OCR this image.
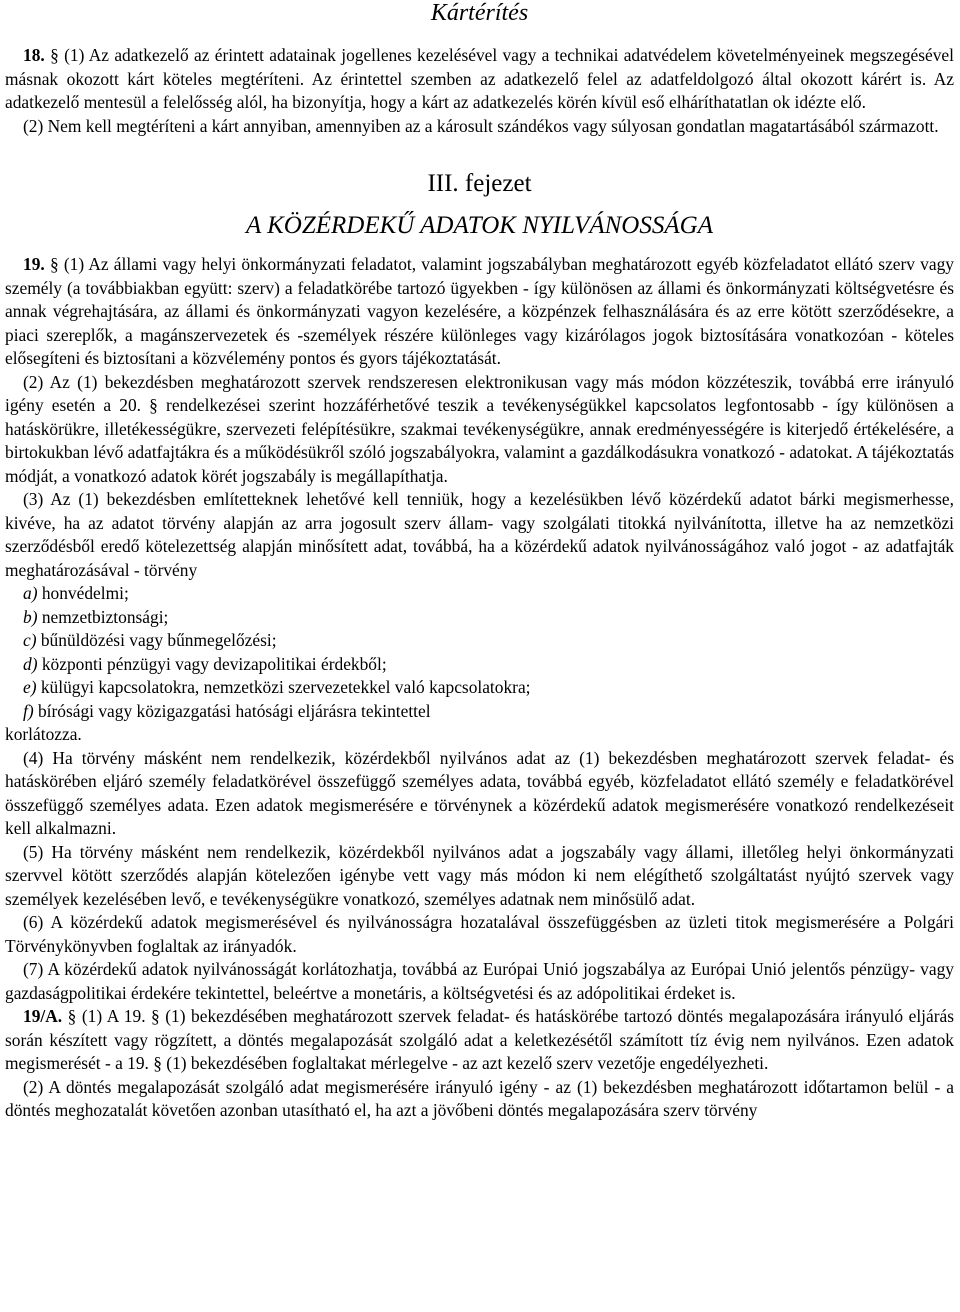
Kártérítés

18. § (1) Az adatkezelő az érintett adatainak jogellenes kezelésével vagy a technikai adatvédelem követelményeinek megszegésével másnak okozott kárt köteles megtéríteni. Az érintettel szemben az adatkezelő felel az adatfeldolgozó által okozott kárért is. Az adatkezelő mentesül a felelősség alól, ha bizonyítja, hogy a kárt az adatkezelés körén kívül eső elháríthatatlan ok idézte elő.

(2) Nem kell megtéríteni a kárt annyiban, amennyiben az a károsult szándékos vagy súlyosan gondatlan magatartásából származott.

III. fejezet
A KÖZÉRDEKŰ ADATOK NYILVÁNOSSÁGA

19. § (1) Az állami vagy helyi önkormányzati feladatot, valamint jogszabályban meghatározott egyéb közfeladatot ellátó szerv vagy személy (a továbbiakban együtt: szerv) a feladatkörébe tartozó ügyekben - így különösen az állami és önkormányzati költségvetésre és annak végrehajtására, az állami és önkormányzati vagyon kezelésére, a közpénzek felhasználására és az erre kötött szerződésekre, a piaci szereplők, a magánszervezetek és -személyek részére különleges vagy kizárólagos jogok biztosítására vonatkozóan - köteles elősegíteni és biztosítani a közvélemény pontos és gyors tájékoztatását.

(2) Az (1) bekezdésben meghatározott szervek rendszeresen elektronikusan vagy más módon közzéteszik, továbbá erre irányuló igény esetén a 20. § rendelkezései szerint hozzáférhetővé teszik a tevékenységükkel kapcsolatos legfontosabb - így különösen a hatáskörükre, illetékességükre, szervezeti felépítésükre, szakmai tevékenységükre, annak eredményességére is kiterjedő értékelésére, a birtokukban lévő adatfajtákra és a működésükről szóló jogszabályokra, valamint a gazdálkodásukra vonatkozó - adatokat. A tájékoztatás módját, a vonatkozó adatok körét jogszabály is megállapíthatja.

(3) Az (1) bekezdésben említetteknek lehetővé kell tenniük, hogy a kezelésükben lévő közérdekű adatot bárki megismerhesse, kivéve, ha az adatot törvény alapján az arra jogosult szerv állam- vagy szolgálati titokká nyilvánította, illetve ha az nemzetközi szerződésből eredő kötelezettség alapján minősített adat, továbbá, ha a közérdekű adatok nyilvánosságához való jogot - az adatfajták meghatározásával - törvény

a) honvédelmi;

b) nemzetbiztonsági;

c) bűnüldözési vagy bűnmegelőzési;

d) központi pénzügyi vagy devizapolitikai érdekből;

e) külügyi kapcsolatokra, nemzetközi szervezetekkel való kapcsolatokra;

f) bírósági vagy közigazgatási hatósági eljárásra tekintettel

korlátozza.

(4) Ha törvény másként nem rendelkezik, közérdekből nyilvános adat az (1) bekezdésben meghatározott szervek feladat- és hatáskörében eljáró személy feladatkörével összefüggő személyes adata, továbbá egyéb, közfeladatot ellátó személy e feladatkörével összefüggő személyes adata. Ezen adatok megismerésére e törvénynek a közérdekű adatok megismerésére vonatkozó rendelkezéseit kell alkalmazni.

(5) Ha törvény másként nem rendelkezik, közérdekből nyilvános adat a jogszabály vagy állami, illetőleg helyi önkormányzati szervvel kötött szerződés alapján kötelezően igénybe vett vagy más módon ki nem elégíthető szolgáltatást nyújtó szervek vagy személyek kezelésében levő, e tevékenységükre vonatkozó, személyes adatnak nem minősülő adat.

(6) A közérdekű adatok megismerésével és nyilvánosságra hozatalával összefüggésben az üzleti titok megismerésére a Polgári Törvénykönyvben foglaltak az irányadók.

(7) A közérdekű adatok nyilvánosságát korlátozhatja, továbbá az Európai Unió jogszabálya az Európai Unió jelentős pénzügy- vagy gazdaságpolitikai érdekére tekintettel, beleértve a monetáris, a költségvetési és az adópolitikai érdeket is.

19/A. § (1) A 19. § (1) bekezdésében meghatározott szervek feladat- és hatáskörébe tartozó döntés megalapozására irányuló eljárás során készített vagy rögzített, a döntés megalapozását szolgáló adat a keletkezésétől számított tíz évig nem nyilvános. Ezen adatok megismerését - a 19. § (1) bekezdésében foglaltakat mérlegelve - az azt kezelő szerv vezetője engedélyezheti.

(2) A döntés megalapozását szolgáló adat megismerésére irányuló igény - az (1) bekezdésben meghatározott időtartamon belül - a döntés meghozatalát követően azonban utasítható el, ha azt a jövőbeni döntés megalapozására szerv törvény
